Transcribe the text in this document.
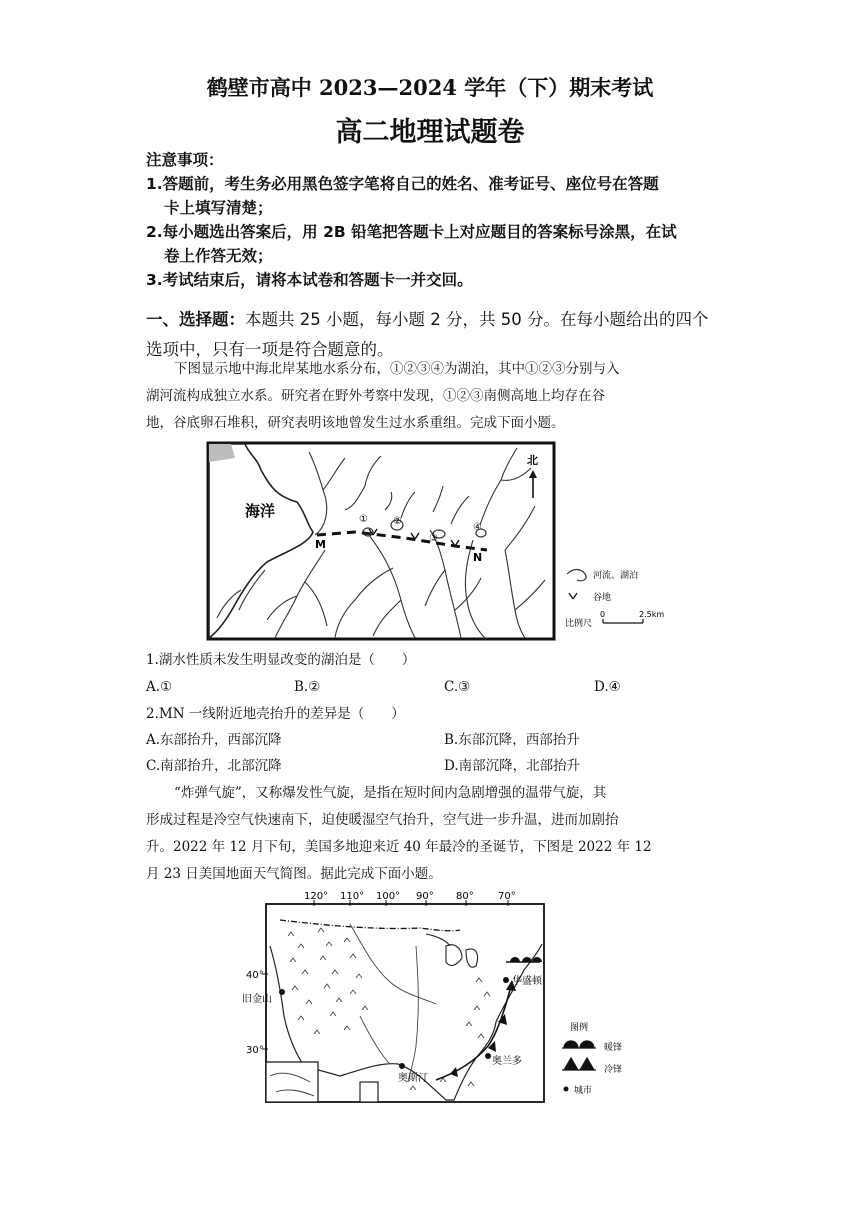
鹤壁市高中 2023—2024 学年（下）期末考试
高二地理试题卷
注意事项：
1.答题前，考生务必用黑色签字笔将自己的姓名、准考证号、座位号在答题
卡上填写清楚；
2.每小题选出答案后，用 2B 铅笔把答题卡上对应题目的答案标号涂黑，在试
卷上作答无效；
3.考试结束后，请将本试卷和答题卡一并交回。
一、选择题：本题共 25 小题，每小题 2 分，共 50 分。在每小题给出的四个
选项中，只有一项是符合题意的。
下图显示地中海北岸某地水系分布，①②③④为湖泊，其中①②③分别与入
湖河流构成独立水系。研究者在野外考察中发现，①②③南侧高地上均存在谷
地，谷底卵石堆积，研究表明该地曾发生过水系重组。完成下面小题。
海洋
M
N
①	②
③
④
北
河流、湖泊
谷地
比例尺
0	2.5km
1.湖水性质未发生明显改变的湖泊是（　　）
A.①	B.②	C.③	D.④
2.MN 一线附近地壳抬升的差异是（　　）
A.东部抬升，西部沉降	B.东部沉降，西部抬升
C.南部抬升，北部沉降	D.南部沉降，北部抬升
“炸弹气旋”，又称爆发性气旋，是指在短时间内急剧增强的温带气旋，其
形成过程是冷空气快速南下，迫使暖湿空气抬升，空气进一步升温，进而加剧抬
升。2022 年 12 月下旬，美国多地迎来近 40 年最冷的圣诞节，下图是 2022 年 12
月 23 日美国地面天气简图。据此完成下面小题。
120° 110° 100° 90° 80° 70°
40°
30°
旧金山
华盛顿
奥斯汀
奥兰多
图例
暖锋
冷锋
城市
